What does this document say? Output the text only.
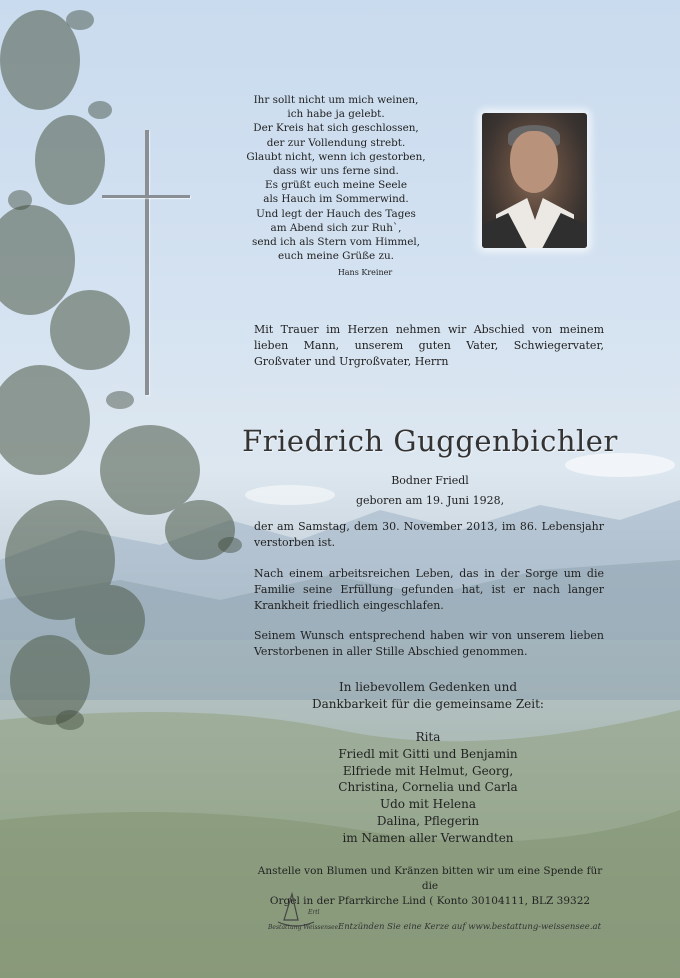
Ihr sollt nicht um mich weinen,
ich habe ja gelebt.
Der Kreis hat sich geschlossen,
der zur Vollendung strebt.
Glaubt nicht, wenn ich gestorben,
dass wir uns ferne sind.
Es grüßt euch meine Seele
als Hauch im Sommerwind.
Und legt der Hauch des Tages
am Abend sich zur Ruh`,
send ich als Stern vom Himmel,
euch meine Grüße zu.
Hans Kreiner
Mit Trauer im Herzen nehmen wir Abschied von meinem lieben Mann, unserem guten Vater, Schwiegervater, Großvater und Urgroßvater, Herrn
Friedrich Guggenbichler
Bodner Friedl
geboren am 19. Juni 1928,
der am Samstag, dem 30. November 2013, im 86. Lebensjahr verstorben ist.
Nach einem arbeitsreichen Leben, das in der Sorge um die Familie seine Erfüllung gefunden hat, ist er nach langer Krankheit friedlich eingeschlafen.
Seinem Wunsch entsprechend haben wir von unserem lieben Verstorbenen in aller Stille Abschied genommen.
In liebevollem Gedenken und
Dankbarkeit für die gemeinsame Zeit:
Rita
Friedl mit Gitti und Benjamin
Elfriede mit Helmut, Georg,
Christina, Cornelia und Carla
Udo mit Helena
Dalina, Pflegerin
im Namen aller Verwandten
Anstelle von Blumen und Kränzen bitten wir um eine Spende für die
Orgel in der Pfarrkirche Lind ( Konto 30104111, BLZ 39322
Ertl
Bestattung Weissensee Entzünden Sie eine Kerze auf www.bestattung-weissensee.at
